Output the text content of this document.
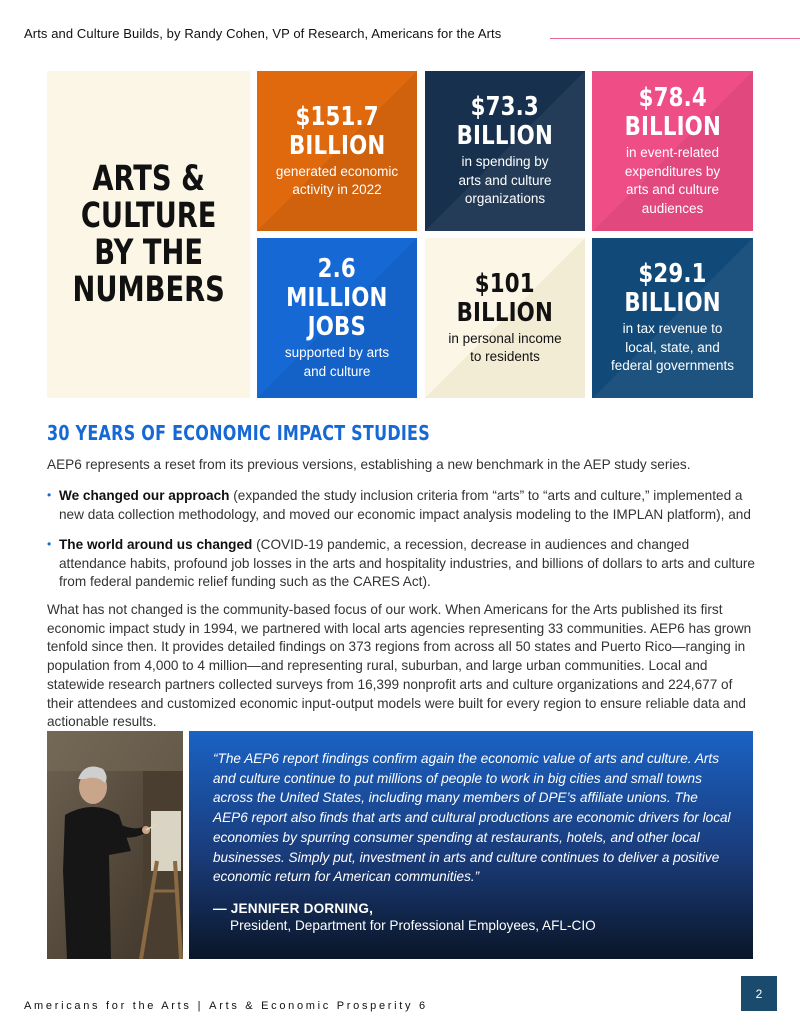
Arts and Culture Builds, by Randy Cohen, VP of Research, Americans for the Arts
ARTS &
CULTURE
BY THE
NUMBERS
$151.7
BILLION
generated economic
activity in 2022
$73.3
BILLION
in spending by
arts and culture
organizations
$78.4
BILLION
in event-related
expenditures by
arts and culture
audiences
2.6
MILLION
JOBS
supported by arts
and culture
$101
BILLION
in personal income
to residents
$29.1
BILLION
in tax revenue to
local, state, and
federal governments
30 YEARS OF ECONOMIC IMPACT STUDIES
AEP6 represents a reset from its previous versions, establishing a new benchmark in the AEP study series.
• We changed our approach (expanded the study inclusion criteria from “arts” to “arts and culture,” implemented a new data collection methodology, and moved our economic impact analysis modeling to the IMPLAN platform), and
• The world around us changed (COVID-19 pandemic, a recession, decrease in audiences and changed attendance habits, profound job losses in the arts and hospitality industries, and billions of dollars to arts and culture from federal pandemic relief funding such as the CARES Act).
What has not changed is the community-based focus of our work. When Americans for the Arts published its first economic impact study in 1994, we partnered with local arts agencies representing 33 communities. AEP6 has grown tenfold since then. It provides detailed findings on 373 regions from across all 50 states and Puerto Rico—ranging in population from 4,000 to 4 million—and representing rural, suburban, and large urban communities. Local and statewide research partners collected surveys from 16,399 nonprofit arts and culture organizations and 224,677 of their attendees and customized economic input-output models were built for every region to ensure reliable data and actionable results.
“The AEP6 report findings confirm again the economic value of arts and culture. Arts and culture continue to put millions of people to work in big cities and small towns across the United States, including many members of DPE’s affiliate unions. The AEP6 report also finds that arts and cultural productions are economic drivers for local economies by spurring consumer spending at restaurants, hotels, and other local businesses. Simply put, investment in arts and culture continues to deliver a positive economic return for American communities.”
— JENNIFER DORNING,
President, Department for Professional Employees, AFL-CIO
2
Americans for the Arts | Arts & Economic Prosperity 6
